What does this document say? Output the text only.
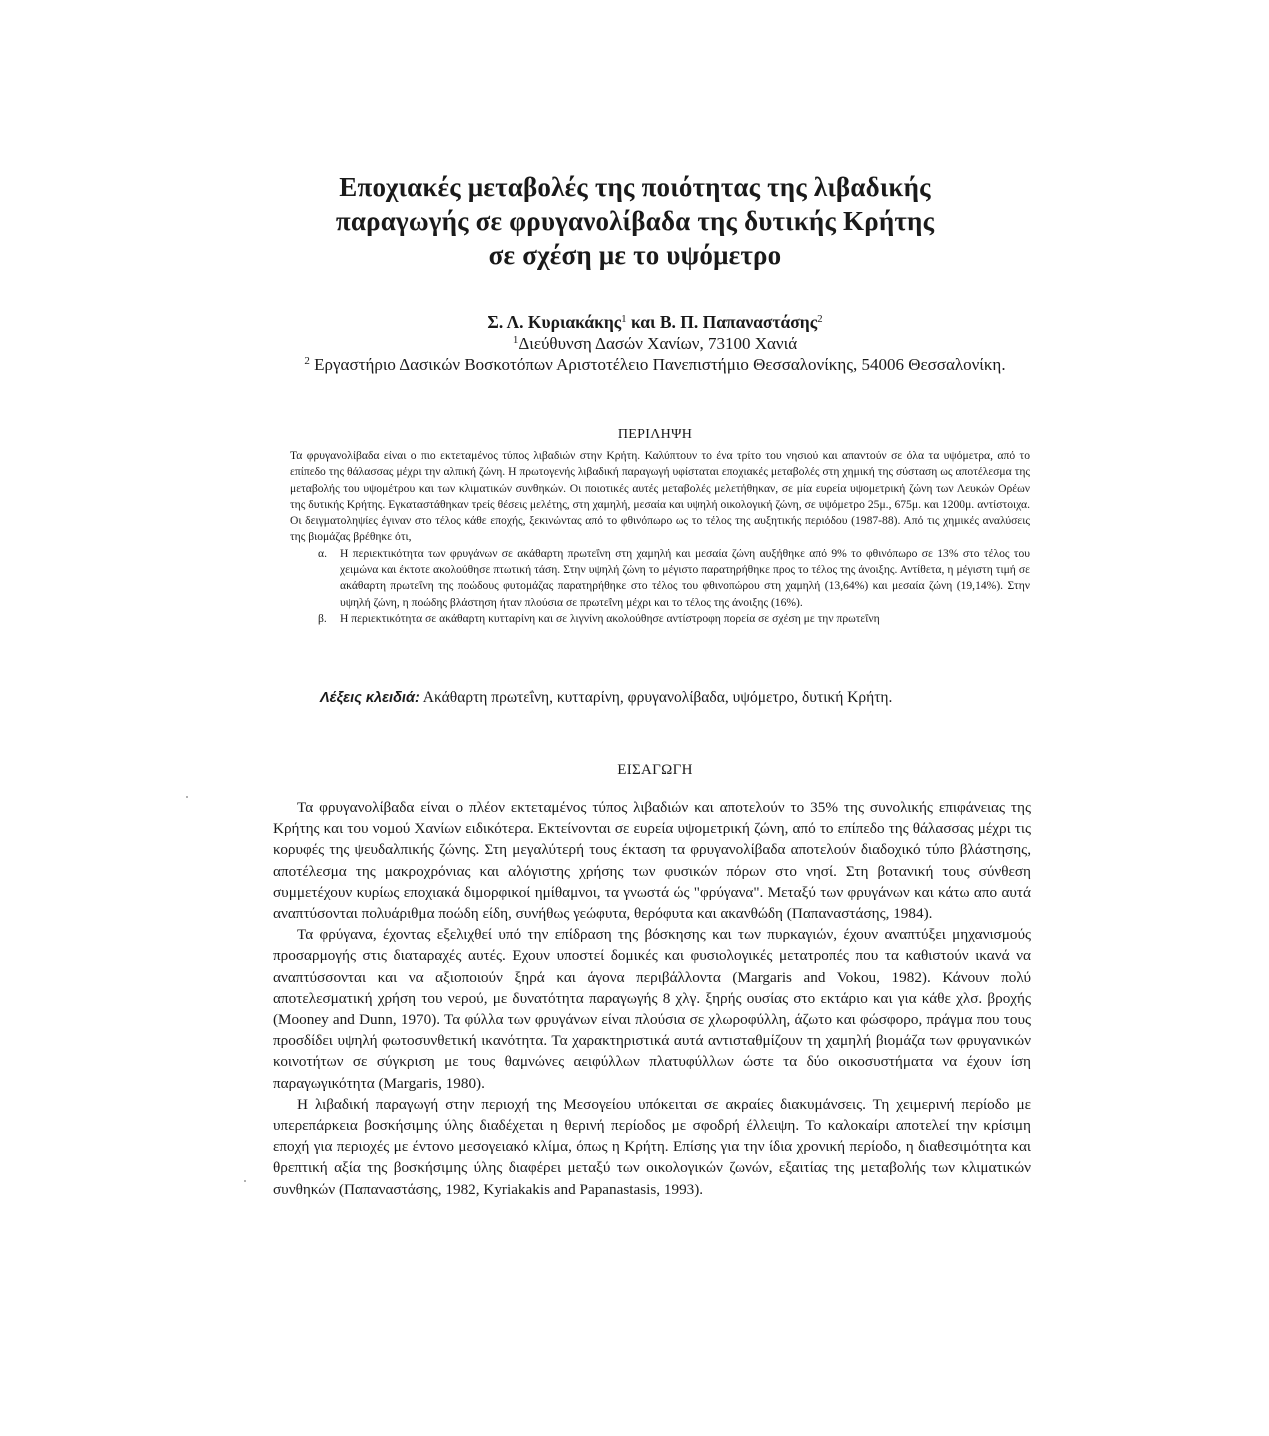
Εποχιακές μεταβολές της ποιότητας της λιβαδικής
παραγωγής σε φρυγανολίβαδα της δυτικής Κρήτης
σε σχέση με το υψόμετρο
Σ. Λ. Κυριακάκης$^1$ και Β. Π. Παπαναστάσης$^2$
$^1$Διεύθυνση Δασών Χανίων, 73100 Χανιά
$^2$ Εργαστήριο Δασικών Βοσκοτόπων Αριστοτέλειο Πανεπιστήμιο Θεσσαλονίκης, 54006 Θεσσαλονίκη.
ΠΕΡΙΛΗΨΗ

Τα φρυγανολίβαδα είναι ο πιο εκτεταμένος τύπος λιβαδιών στην Κρήτη. Καλύπτουν το ένα τρίτο του νησιού και απαντούν σε όλα τα υψόμετρα, από το επίπεδο της θάλασσας μέχρι την αλπική ζώνη. Η πρωτογενής λιβαδική παραγωγή υφίσταται εποχιακές μεταβολές στη χημική της σύσταση ως αποτέλεσμα της μεταβολής του υψομέτρου και των κλιματικών συνθηκών. Οι ποιοτικές αυτές μεταβολές μελετήθηκαν, σε μία ευρεία υψομετρική ζώνη των Λευκών Ορέων της δυτικής Κρήτης. Εγκαταστάθηκαν τρείς θέσεις μελέτης, στη χαμηλή, μεσαία και υψηλή οικολογική ζώνη, σε υψόμετρο 25μ., 675μ. και 1200μ. αντίστοιχα. Οι δειγματοληψίες έγιναν στο τέλος κάθε εποχής, ξεκινώντας από το φθινόπωρο ως το τέλος της αυξητικής περιόδου (1987-88). Από τις χημικές αναλύσεις της βιομάζας βρέθηκε ότι,

α. Η περιεκτικότητα των φρυγάνων σε ακάθαρτη πρωτεΐνη στη χαμηλή και μεσαία ζώνη αυξήθηκε από 9% το φθινόπωρο σε 13% στο τέλος του χειμώνα και έκτοτε ακολούθησε πτωτική τάση. Στην υψηλή ζώνη το μέγιστο παρατηρήθηκε προς το τέλος της άνοιξης. Αντίθετα, η μέγιστη τιμή σε ακάθαρτη πρωτεΐνη της ποώδους φυτομάζας παρατηρήθηκε στο τέλος του φθινοπώρου στη χαμηλή (13,64%) και μεσαία ζώνη (19,14%). Στην υψηλή ζώνη, η ποώδης βλάστηση ήταν πλούσια σε πρωτεΐνη μέχρι και το τέλος της άνοιξης (16%).

β. Η περιεκτικότητα σε ακάθαρτη κυτταρίνη και σε λιγνίνη ακολούθησε αντίστροφη πορεία σε σχέση με την πρωτεΐνη

Λέξεις κλειδιά: Ακάθαρτη πρωτεΐνη, κυτταρίνη, φρυγανολίβαδα, υψόμετρο, δυτική Κρήτη.
ΕΙΣΑΓΩΓΗ

Τα φρυγανολίβαδα είναι ο πλέον εκτεταμένος τύπος λιβαδιών και αποτελούν το 35% της συνολικής επιφάνειας της Κρήτης και του νομού Χανίων ειδικότερα. Εκτείνονται σε ευρεία υψομετρική ζώνη, από το επίπεδο της θάλασσας μέχρι τις κορυφές της ψευδαλπικής ζώνης. Στη μεγαλύτερή τους έκταση τα φρυγανολίβαδα αποτελούν διαδοχικό τύπο βλάστησης, αποτέλεσμα της μακροχρόνιας και αλόγιστης χρήσης των φυσικών πόρων στο νησί. Στη βοτανική τους σύνθεση συμμετέχουν κυρίως εποχιακά διμορφικοί ημίθαμνοι, τα γνωστά ώς "φρύγανα". Μεταξύ των φρυγάνων και κάτω απο αυτά αναπτύσονται πολυάριθμα ποώδη είδη, συνήθως γεώφυτα, θερόφυτα και ακανθώδη (Παπαναστάσης, 1984).

Τα φρύγανα, έχοντας εξελιχθεί υπό την επίδραση της βόσκησης και των πυρκαγιών, έχουν αναπτύξει μηχανισμούς προσαρμογής στις διαταραχές αυτές. Εχουν υποστεί δομικές και φυσιολογικές μετατροπές που τα καθιστούν ικανά να αναπτύσσονται και να αξιοποιούν ξηρά και άγονα περιβάλλοντα (Margaris and Vokou, 1982). Κάνουν πολύ αποτελεσματική χρήση του νερού, με δυνατότητα παραγωγής 8 χλγ. ξηρής ουσίας στο εκτάριο και για κάθε χλσ. βροχής (Mooney and Dunn, 1970). Τα φύλλα των φρυγάνων είναι πλούσια σε χλωροφύλλη, άζωτο και φώσφορο, πράγμα που τους προσδίδει υψηλή φωτοσυνθετική ικανότητα. Τα χαρακτηριστικά αυτά αντισταθμίζουν τη χαμηλή βιομάζα των φρυγανικών κοινοτήτων σε σύγκριση με τους θαμνώνες αειφύλλων πλατυφύλλων ώστε τα δύο οικοσυστήματα να έχουν ίση παραγωγικότητα (Margaris, 1980).

Η λιβαδική παραγωγή στην περιοχή της Μεσογείου υπόκειται σε ακραίες διακυμάνσεις. Τη χειμερινή περίοδο με υπερεπάρκεια βοσκήσιμης ύλης διαδέχεται η θερινή περίοδος με σφοδρή έλλειψη. Το καλοκαίρι αποτελεί την κρίσιμη εποχή για περιοχές με έντονο μεσογειακό κλίμα, όπως η Κρήτη. Επίσης για την ίδια χρονική περίοδο, η διαθεσιμότητα και θρεπτική αξία της βοσκήσιμης ύλης διαφέρει μεταξύ των οικολογικών ζωνών, εξαιτίας της μεταβολής των κλιματικών συνθηκών (Παπαναστάσης, 1982, Kyriakakis and Papanastasis, 1993).
